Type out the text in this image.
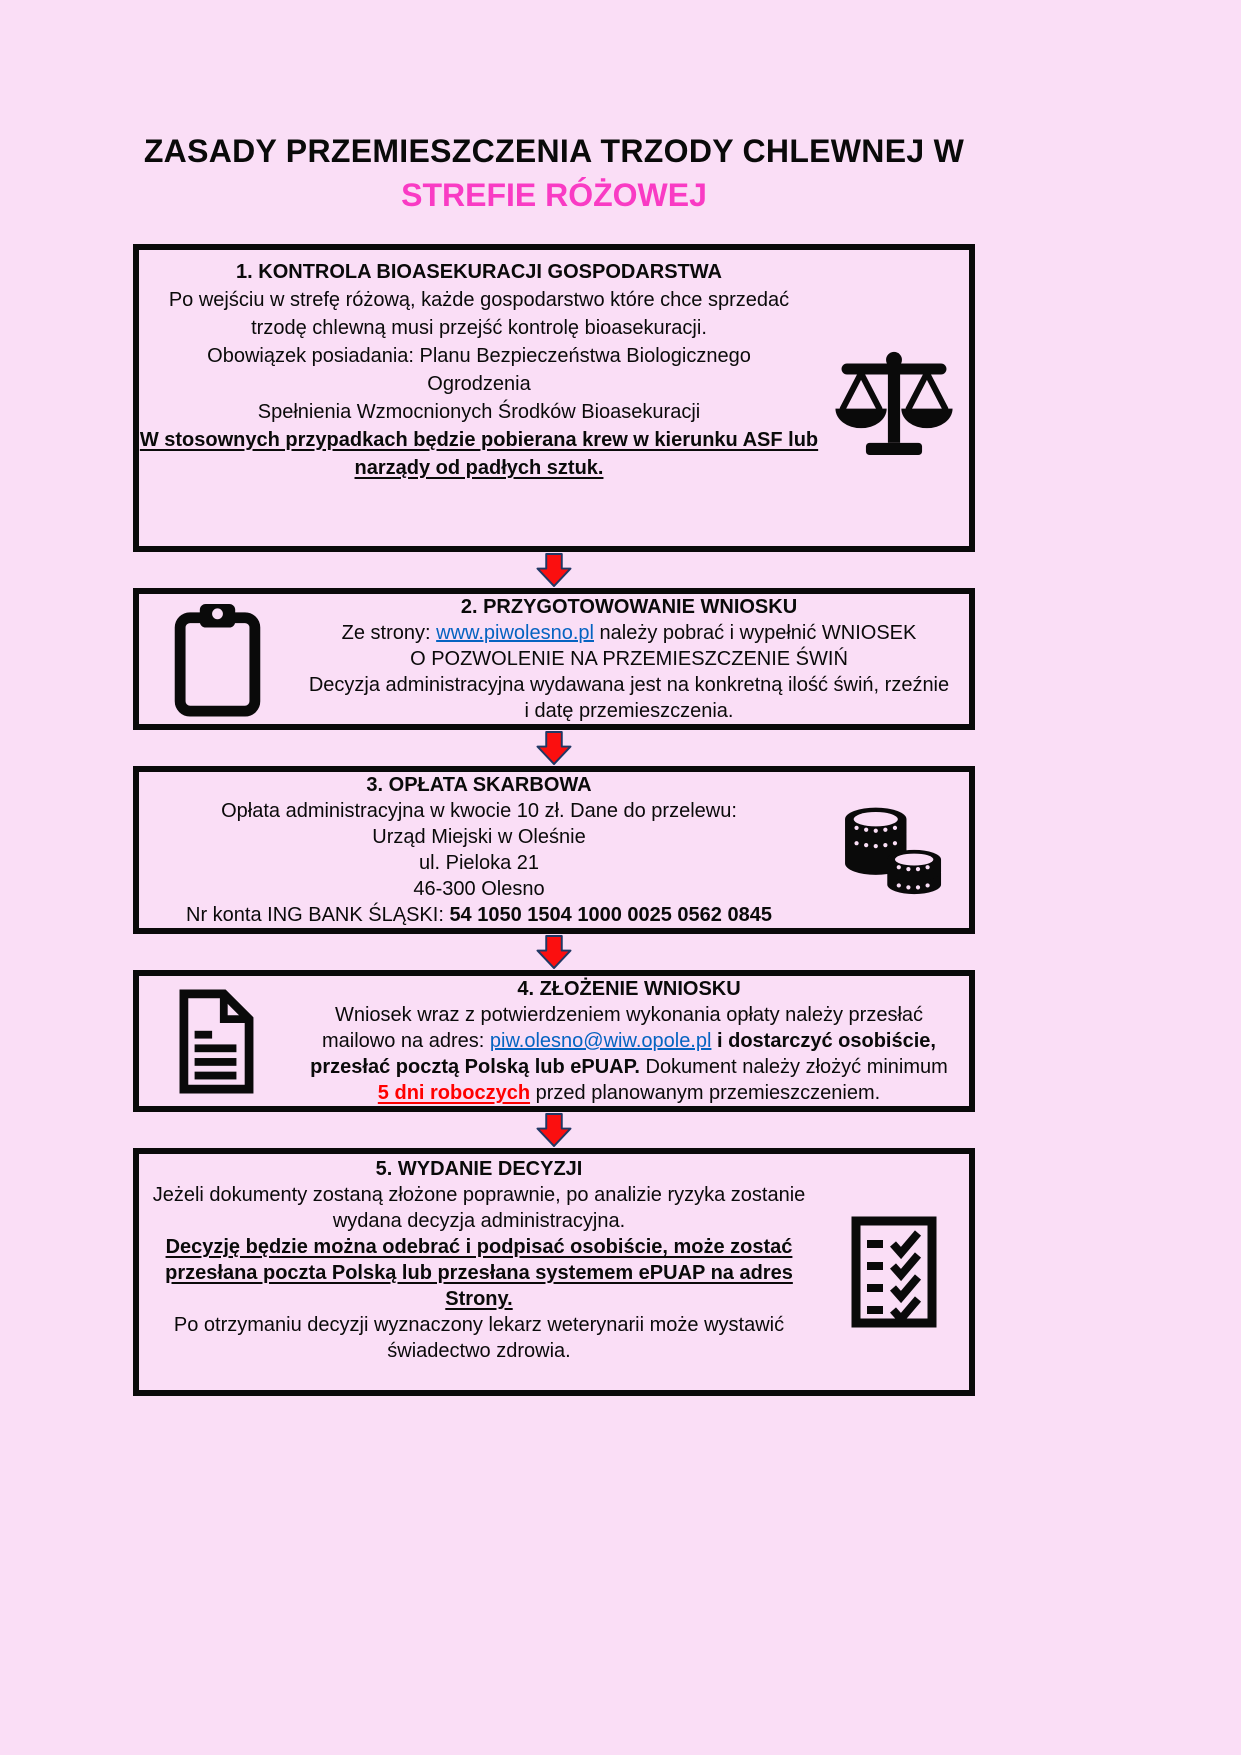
ZASADY PRZEMIESZCZENIA TRZODY CHLEWNEJ W
STREFIE RÓŻOWEJ
1. KONTROLA BIOASEKURACJI GOSPODARSTWA
Po wejściu w strefę różową, każde gospodarstwo które chce sprzedać
trzodę chlewną musi przejść kontrolę bioasekuracji.
Obowiązek posiadania: Planu Bezpieczeństwa Biologicznego
Ogrodzenia
Spełnienia Wzmocnionych Środków Bioasekuracji
W stosownych przypadkach będzie pobierana krew w kierunku ASF lub
narządy od padłych sztuk.
2. PRZYGOTOWOWANIE WNIOSKU
Ze strony: www.piwolesno.pl należy pobrać i wypełnić WNIOSEK
O POZWOLENIE NA PRZEMIESZCZENIE ŚWIŃ
Decyzja administracyjna wydawana jest na konkretną ilość świń, rzeźnie
i datę przemieszczenia.
3. OPŁATA SKARBOWA
Opłata administracyjna w kwocie 10 zł. Dane do przelewu:
Urząd Miejski w Oleśnie
ul. Pieloka 21
46-300 Olesno
Nr konta ING BANK ŚLĄSKI: 54 1050 1504 1000 0025 0562 0845
4. ZŁOŻENIE WNIOSKU
Wniosek wraz z potwierdzeniem wykonania opłaty należy przesłać
mailowo na adres: piw.olesno@wiw.opole.pl i dostarczyć osobiście,
przesłać pocztą Polską lub ePUAP. Dokument należy złożyć minimum
5 dni roboczych przed planowanym przemieszczeniem.
5. WYDANIE DECYZJI
Jeżeli dokumenty zostaną złożone poprawnie, po analizie ryzyka zostanie
wydana decyzja administracyjna.
Decyzję będzie można odebrać i podpisać osobiście, może zostać
przesłana poczta Polską lub przesłana systemem ePUAP na adres
Strony.
Po otrzymaniu decyzji wyznaczony lekarz weterynarii może wystawić
świadectwo zdrowia.
